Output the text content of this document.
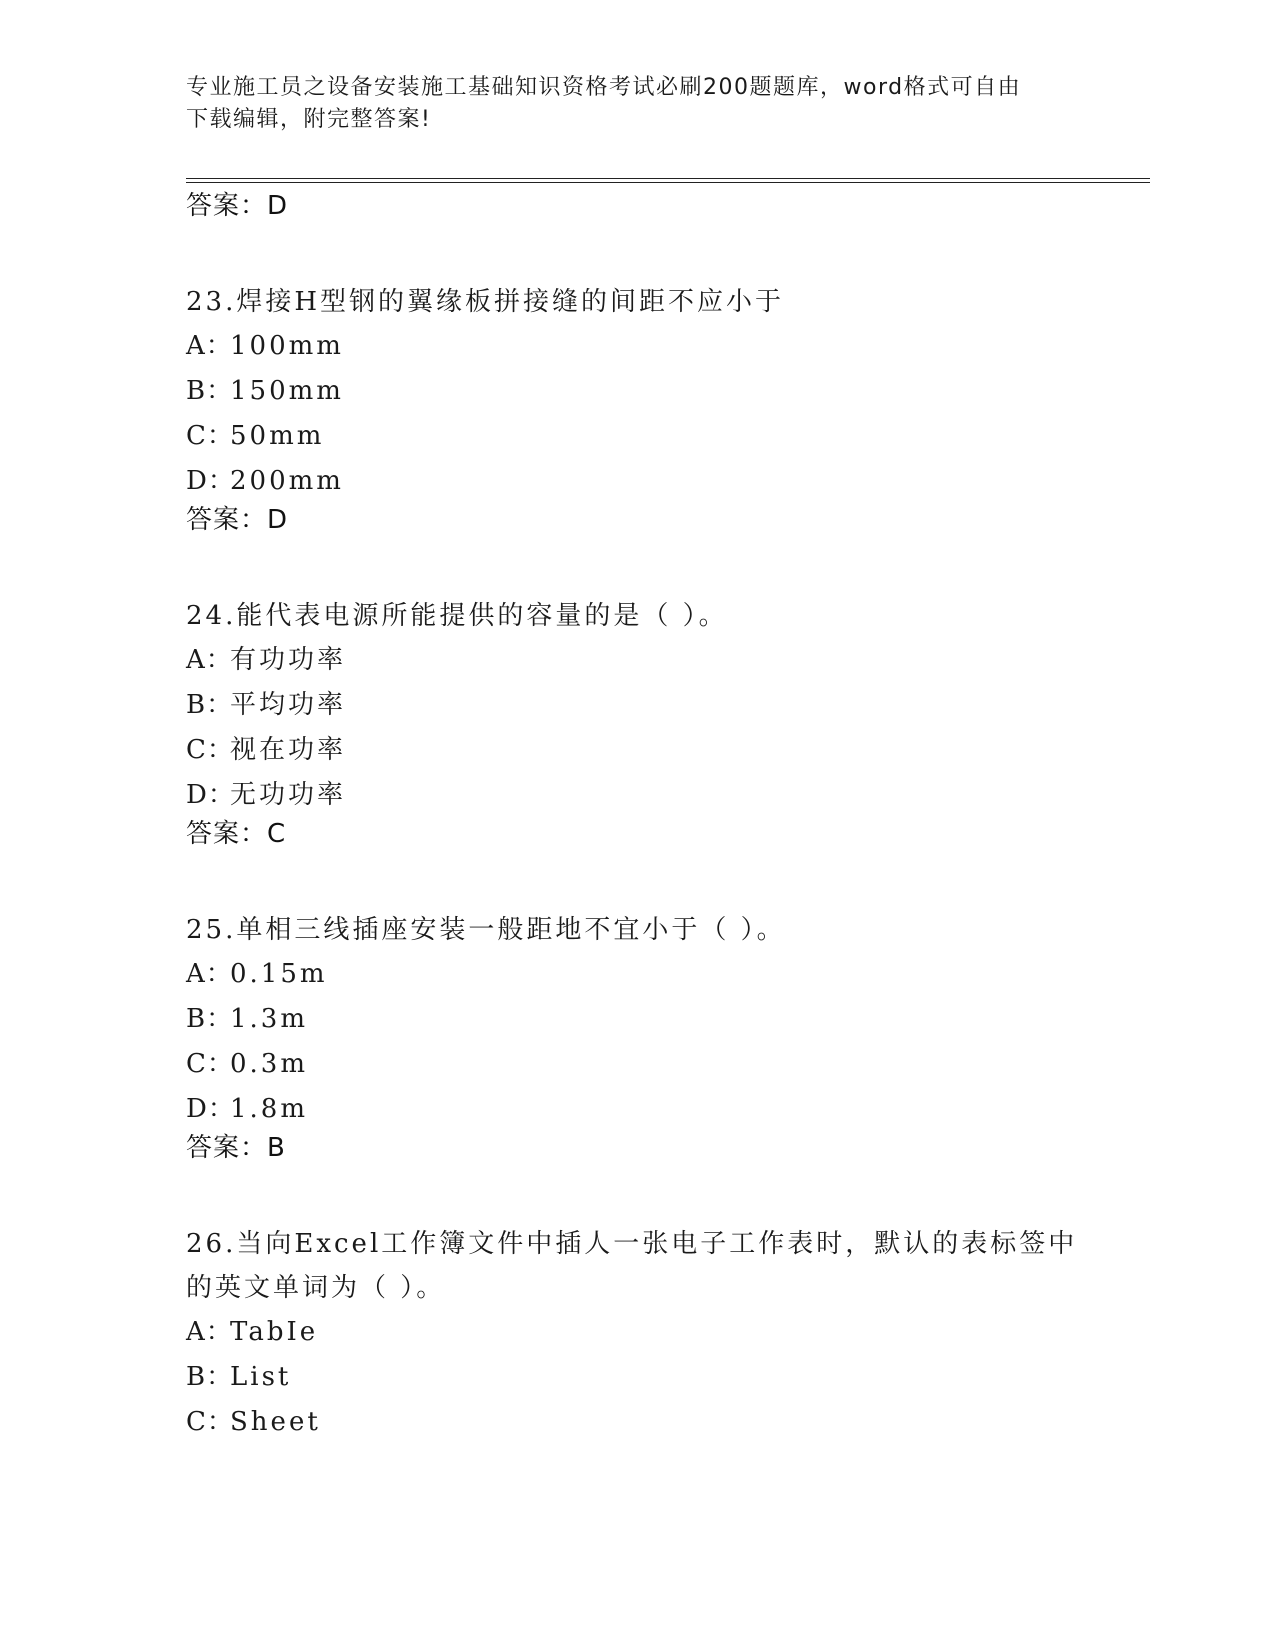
专业施工员之设备安装施工基础知识资格考试必刷200题题库，word格式可自由
下载编辑，附完整答案!

答案：D

23.焊接H型钢的翼缘板拼接缝的间距不应小于

A：100mm

B：150mm

C：50mm

D：200mm

答案：D

24.能代表电源所能提供的容量的是（ ）。

A：有功功率

B：平均功率

C：视在功率

D：无功功率

答案：C

25.单相三线插座安装一般距地不宜小于（ ）。

A：0.15m

B：1.3m

C：0.3m

D：1.8m

答案：B

26.当向Excel工作簿文件中插人一张电子工作表时，默认的表标签中
的英文单词为（ ）。

A：TabIe

B：List

C：Sheet
